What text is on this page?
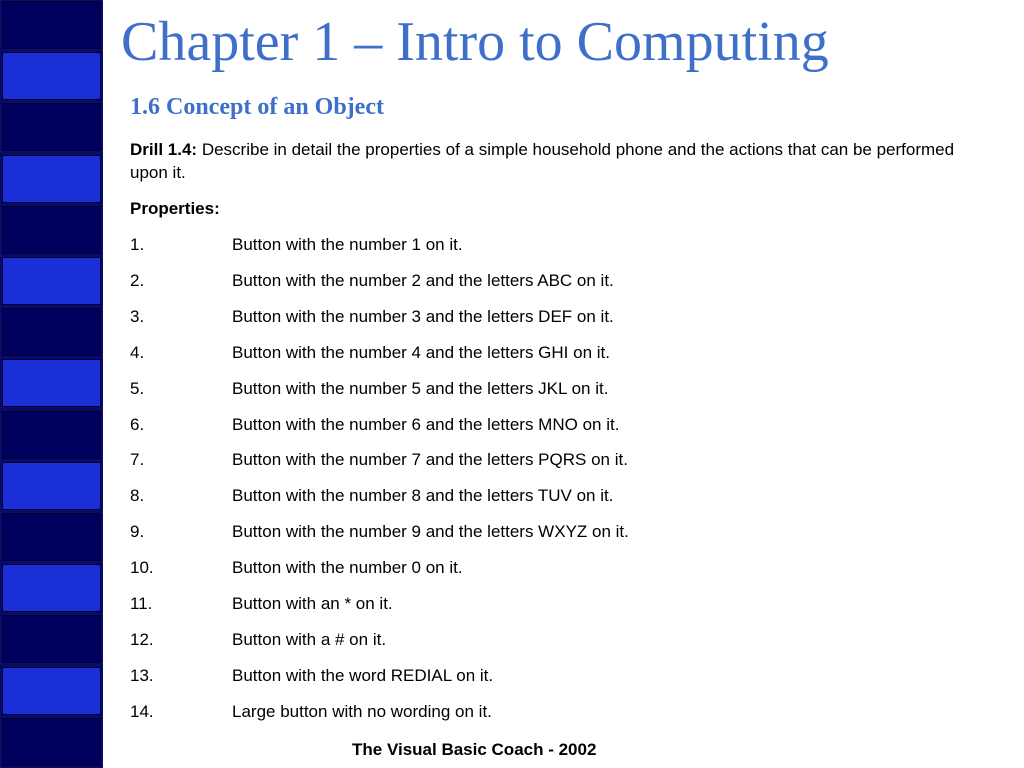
Chapter 1 – Intro to Computing
1.6 Concept of an Object
Drill 1.4: Describe in detail the properties of a simple household phone and the actions that can be performed upon it.
Properties:
1.	Button with the number 1 on it.
2.	Button with the number 2 and the letters ABC on it.
3.	Button with the number 3 and the letters DEF on it.
4.	Button with the number 4 and the letters GHI on it.
5.	Button with the number 5 and the letters JKL on it.
6.	Button with the number 6 and the letters MNO on it.
7.	Button with the number 7 and the letters PQRS on it.
8.	Button with the number 8 and the letters TUV on it.
9.	Button with the number 9 and the letters WXYZ on it.
10.	Button with the number 0 on it.
11.	Button with an * on it.
12.	Button with a # on it.
13.	Button with the word REDIAL on it.
14.	Large button with no wording on it.
The Visual Basic Coach - 2002
